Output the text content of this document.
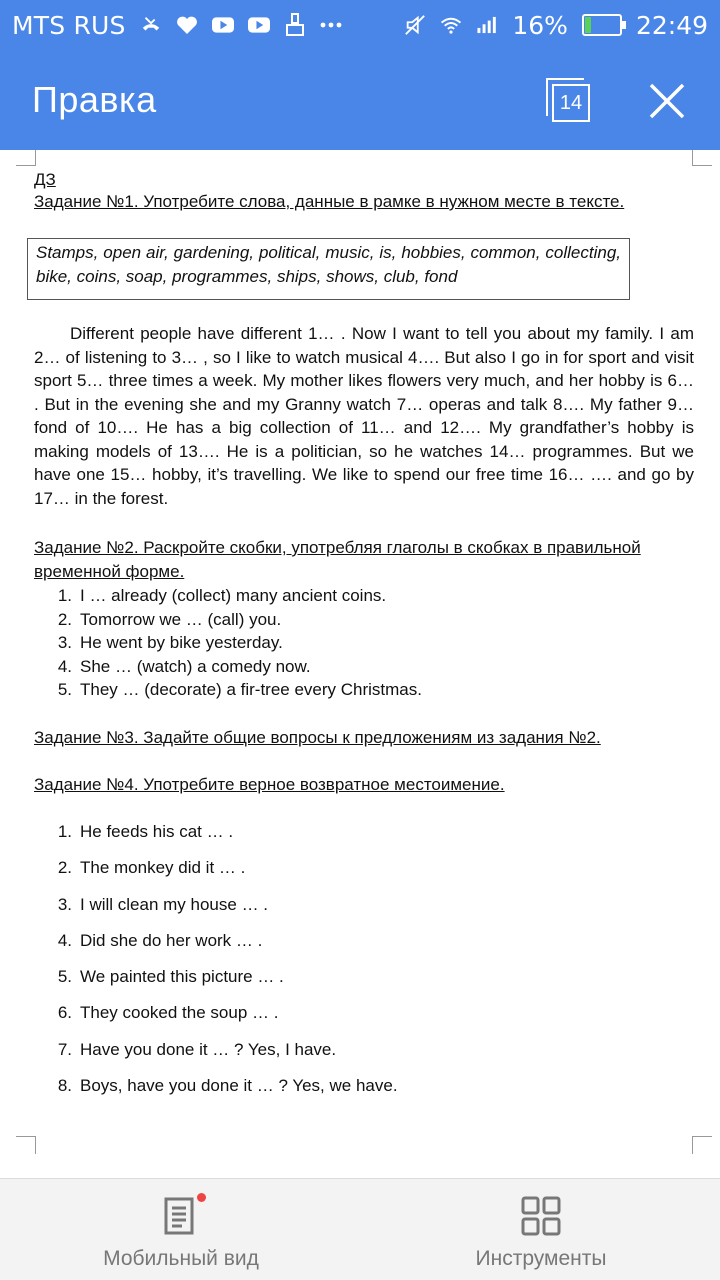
MTS RUS	16%	22:49
Правка	14
ДЗ
Задание №1. Употребите слова, данные в рамке в нужном месте в тексте.
Stamps, open air, gardening, political, music, is, hobbies, common, collecting, bike, coins, soap, programmes, ships, shows, club, fond
Different people have different 1… . Now I want to tell you about my family. I am 2… of listening to 3… , so I like to watch musical 4…. But also I go in for sport and visit sport 5… three times a week. My mother likes flowers very much, and her hobby is 6… . But in the evening she and my Granny watch 7… operas and talk 8…. My father 9… fond of 10…. He has a big collection of 11… and 12…. My grandfather’s hobby is making models of 13…. He is a politician, so he watches 14… programmes. But we have one 15… hobby, it’s travelling. We like to spend our free time 16… …. and go by 17… in the forest.
Задание №2. Раскройте скобки, употребляя глаголы в скобках в правильной временной форме.
1. I … already (collect) many ancient coins.
2. Tomorrow we … (call) you.
3. He went by bike yesterday.
4. She … (watch) a comedy now.
5. They … (decorate) a fir-tree every Christmas.
Задание №3. Задайте общие вопросы к предложениям из задания №2.
Задание №4. Употребите верное возвратное местоимение.
1. He feeds his cat … .
2. The monkey did it … .
3. I will clean my house … .
4. Did she do her work … .
5. We painted this picture … .
6. They cooked the soup … .
7. Have you done it … ? Yes, I have.
8. Boys, have you done it … ? Yes, we have.
Мобильный вид	Инструменты
